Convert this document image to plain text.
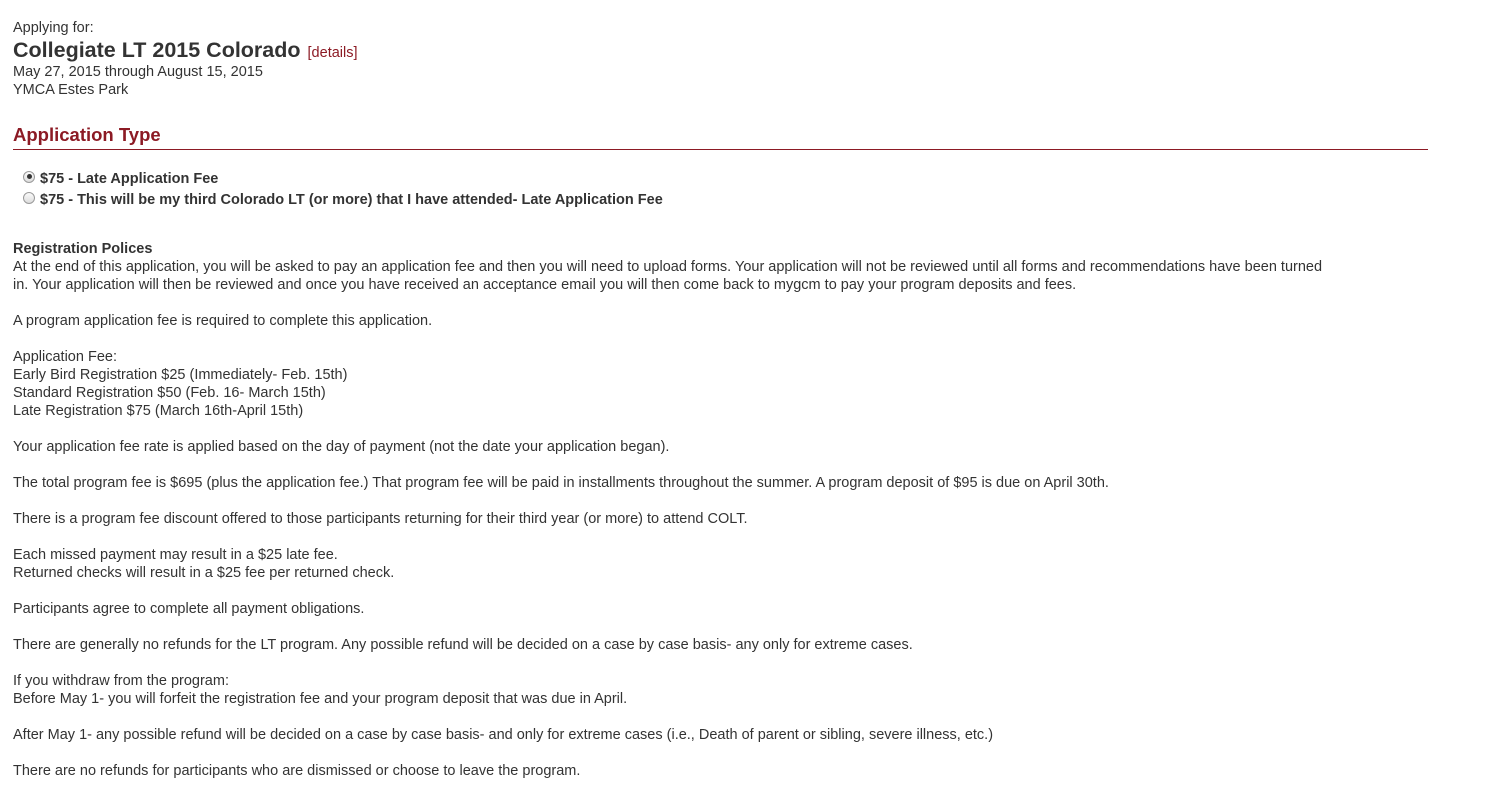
Applying for:
Collegiate LT 2015 Colorado [details]
May 27, 2015 through August 15, 2015
YMCA Estes Park
Application Type
$75 - Late Application Fee
$75 - This will be my third Colorado LT (or more) that I have attended- Late Application Fee
Registration Polices

At the end of this application, you will be asked to pay an application fee and then you will need to upload forms. Your application will not be reviewed until all forms and recommendations have been turned

in. Your application will then be reviewed and once you have received an acceptance email you will then come back to mygcm to pay your program deposits and fees.

A program application fee is required to complete this application.

Application Fee:

Early Bird Registration $25 (Immediately- Feb. 15th)

Standard Registration $50 (Feb. 16- March 15th)

Late Registration $75 (March 16th-April 15th)

Your application fee rate is applied based on the day of payment (not the date your application began).

The total program fee is $695 (plus the application fee.) That program fee will be paid in installments throughout the summer. A program deposit of $95 is due on April 30th.

There is a program fee discount offered to those participants returning for their third year (or more) to attend COLT.

Each missed payment may result in a $25 late fee.

Returned checks will result in a $25 fee per returned check.

Participants agree to complete all payment obligations.

There are generally no refunds for the LT program. Any possible refund will be decided on a case by case basis- any only for extreme cases.

If you withdraw from the program:

Before May 1- you will forfeit the registration fee and your program deposit that was due in April.

After May 1- any possible refund will be decided on a case by case basis- and only for extreme cases (i.e., Death of parent or sibling, severe illness, etc.)

There are no refunds for participants who are dismissed or choose to leave the program.
